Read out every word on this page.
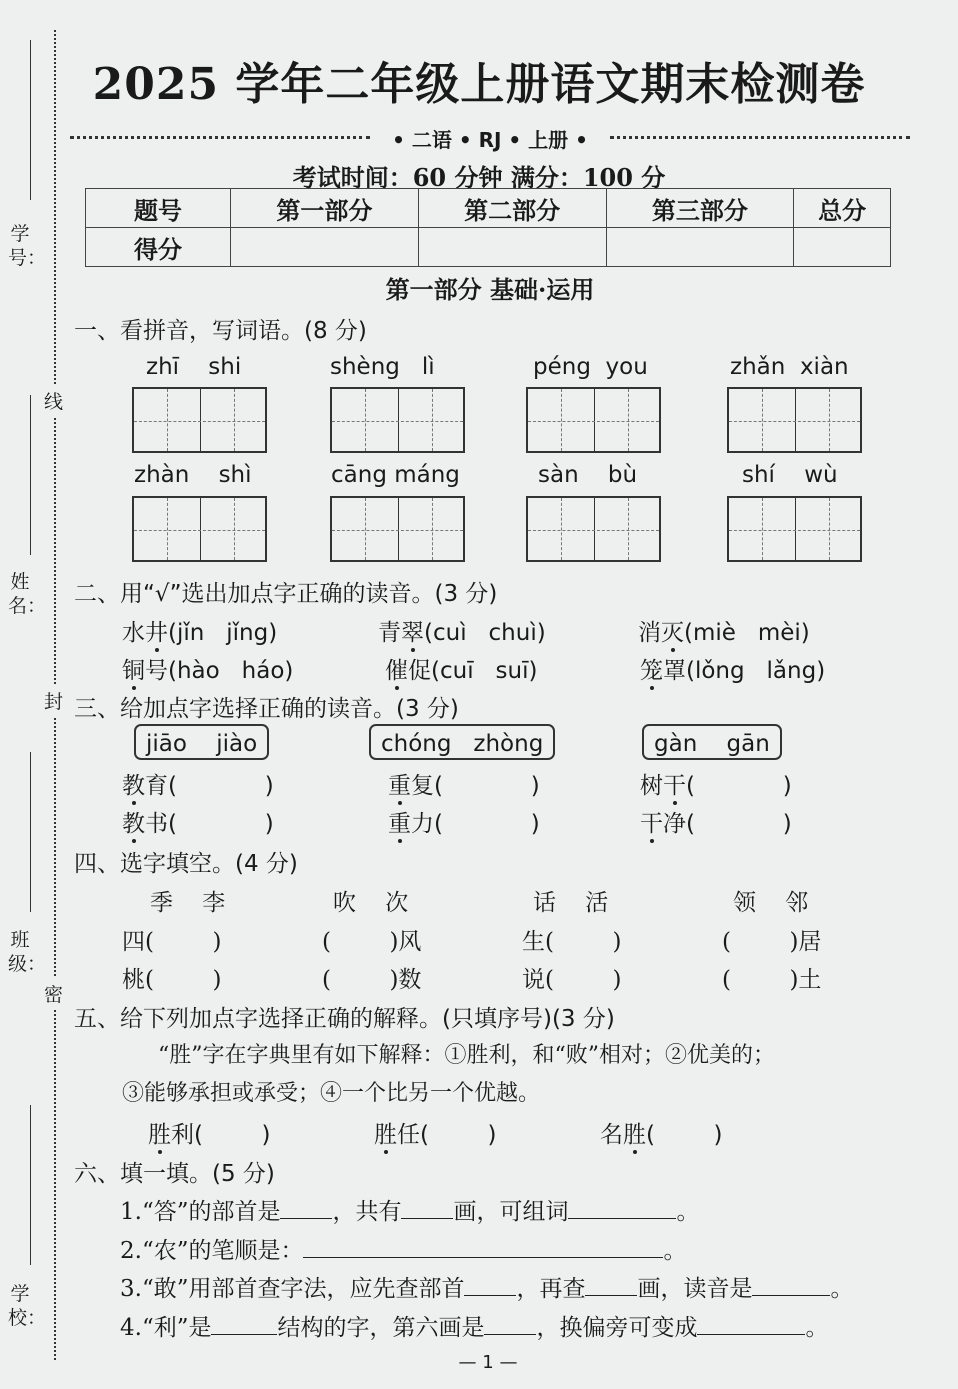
学号：
姓名：
班级：
学校：
线
封
密
2025 学年二年级上册语文期末检测卷
• 二语 • RJ • 上册 •
考试时间：60 分钟 满分：100 分
题号	第一部分	第二部分	第三部分	总分
得分				
第一部分 基础·运用
一、看拼音，写词语。(8 分)
zhī    shi	shèng   lì	péng  you	zhǎn  xiàn
zhàn    shì	cāng máng	sàn    bù	shí    wù
二、用“√”选出加点字正确的读音。(3 分)
水井(jǐn   jǐng)	青翠(cuì   chuì)	消灭(miè   mèi)
铜号(hào   háo)	催促(cuī   suī)	笼罩(lǒng   lǎng)
三、给加点字选择正确的读音。(3 分)
jiāo    jiào	chóng   zhòng	gàn    gān
教育(            )	重复(            )	树干(            )
教书(            )	重力(            )	干净(            )
四、选字填空。(4 分)
季    李	吹    次	话    活	领    邻
四(        )	(        )风	生(        )	(        )居
桃(        )	(        )数	说(        )	(        )土
五、给下列加点字选择正确的解释。(只填序号)(3 分)
“胜”字在字典里有如下解释：①胜利，和“败”相对；②优美的；
③能够承担或承受；④一个比另一个优越。
胜利(        )	胜任(        )	名胜(        )
六、填一填。(5 分)
1.“答”的部首是 ，共有 画，可组词	。
2.“农”的笔顺是：	。
3.“敢”用部首查字法，应先查部首 ，再查 画，读音是	。
4.“利”是	结构的字，第六画是 ，换偏旁可变成	。
— 1 —
